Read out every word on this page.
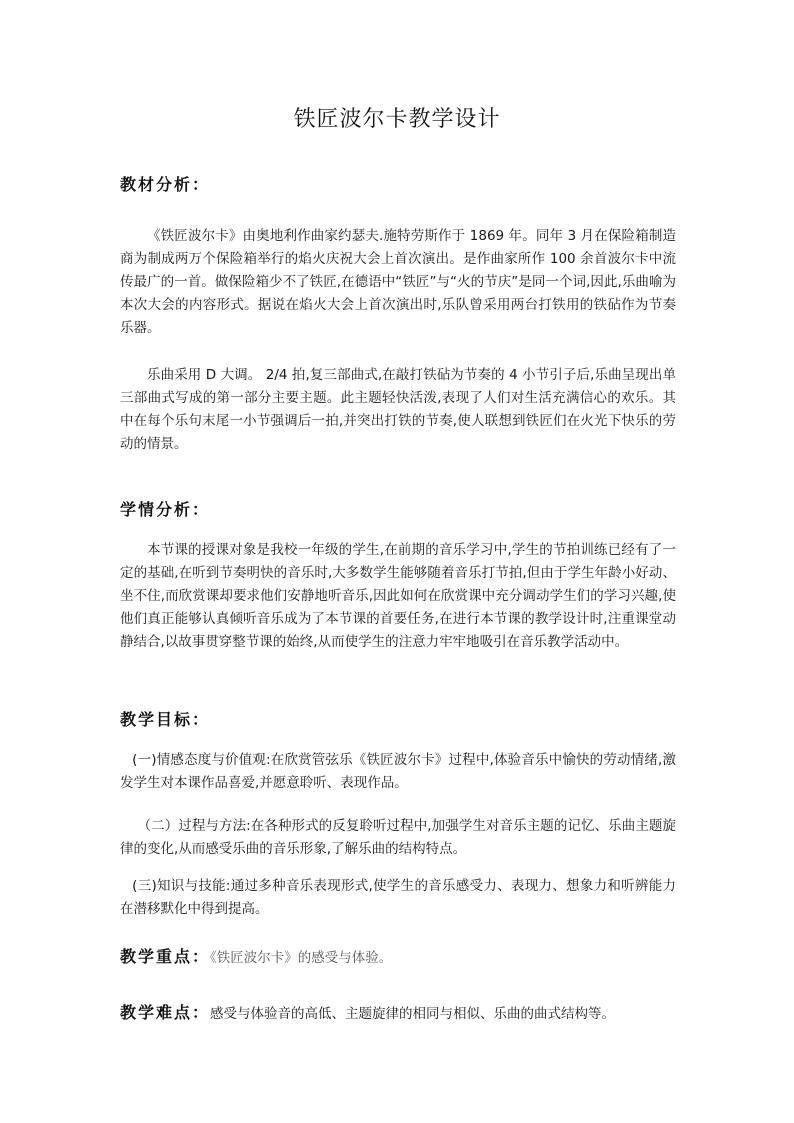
铁匠波尔卡教学设计
教材分析：

《铁匠波尔卡》由奥地利作曲家约瑟夫.施特劳斯作于 1869 年。同年 3 月在保险箱制造商为制成两万个保险箱举行的焰火庆祝大会上首次演出。是作曲家所作 100 余首波尔卡中流传最广的一首。做保险箱少不了铁匠,在德语中“铁匠”与“火的节庆”是同一个词,因此,乐曲喻为本次大会的内容形式。据说在焰火大会上首次演出时,乐队曾采用两台打铁用的铁砧作为节奏乐器。

乐曲采用 D 大调。 2/4 拍,复三部曲式,在敲打铁砧为节奏的 4 小节引子后,乐曲呈现出单三部曲式写成的第一部分主要主题。此主题轻快活泼,表现了人们对生活充满信心的欢乐。其中在每个乐句末尾一小节强调后一拍,并突出打铁的节奏,使人联想到铁匠们在火光下快乐的劳动的情景。

学情分析：

本节课的授课对象是我校一年级的学生,在前期的音乐学习中,学生的节拍训练已经有了一定的基础,在听到节奏明快的音乐时,大多数学生能够随着音乐打节拍,但由于学生年龄小好动、坐不住,而欣赏课却要求他们安静地听音乐,因此如何在欣赏课中充分调动学生们的学习兴趣,使他们真正能够认真倾听音乐成为了本节课的首要任务,在进行本节课的教学设计时,注重课堂动静结合,以故事贯穿整节课的始终,从而使学生的注意力牢牢地吸引在音乐教学活动中。

教学目标：

(一)情感态度与价值观:在欣赏管弦乐《铁匠波尔卡》过程中,体验音乐中愉快的劳动情绪,激发学生对本课作品喜爱,并愿意聆听、表现作品。

（二）过程与方法:在各种形式的反复聆听过程中,加强学生对音乐主题的记忆、乐曲主题旋律的变化,从而感受乐曲的音乐形象,了解乐曲的结构特点。

(三)知识与技能:通过多种音乐表现形式,使学生的音乐感受力、表现力、想象力和听辨能力在潜移默化中得到提高。

教学重点：《铁匠波尔卡》的感受与体验。
教学难点：感受与体验音的高低、主题旋律的相同与相似、乐曲的曲式结构等。
